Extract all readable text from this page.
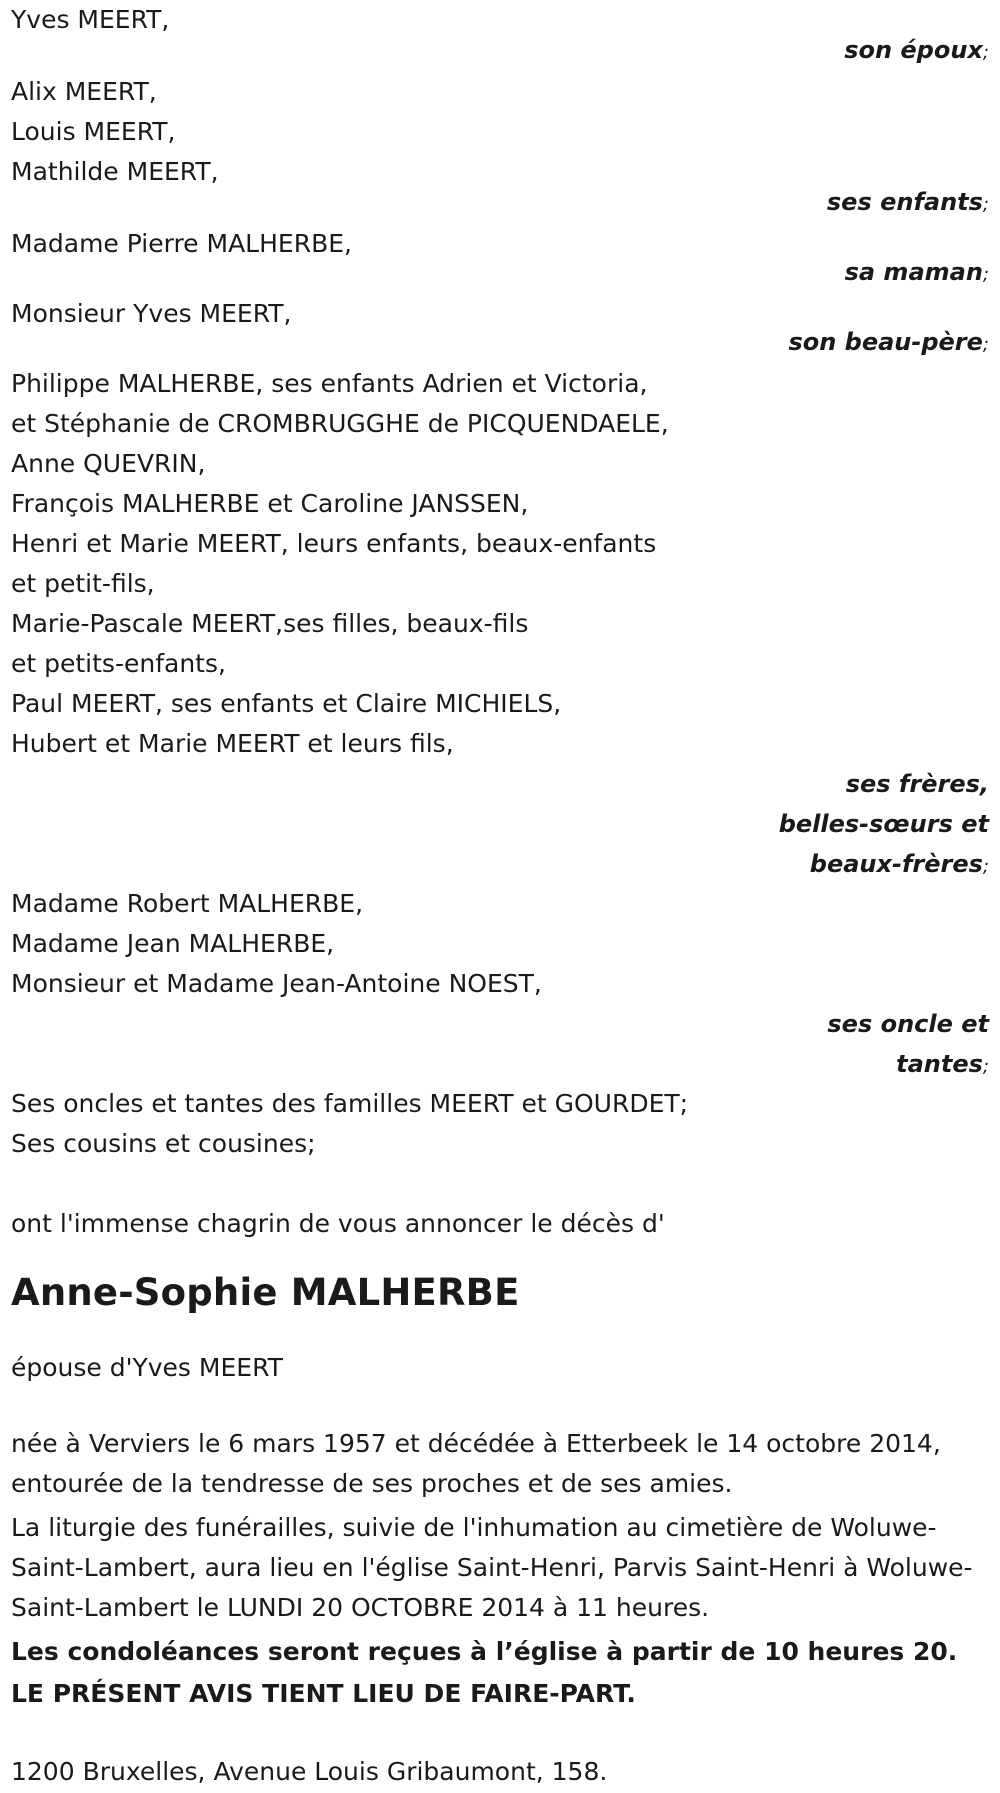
Yves MEERT,
son époux;
Alix MEERT,
Louis MEERT,
Mathilde MEERT,
ses enfants;
Madame Pierre MALHERBE,
sa maman;
Monsieur Yves MEERT,
son beau-père;
Philippe MALHERBE, ses enfants Adrien et Victoria,
et Stéphanie de CROMBRUGGHE de PICQUENDAELE,
Anne QUEVRIN,
François MALHERBE et Caroline JANSSEN,
Henri et Marie MEERT, leurs enfants, beaux-enfants
et petit-fils,
Marie-Pascale MEERT,ses filles, beaux-fils
et petits-enfants,
Paul MEERT, ses enfants et Claire MICHIELS,
Hubert et Marie MEERT et leurs fils,
ses frères,
belles-sœurs et
beaux-frères;
Madame Robert MALHERBE,
Madame Jean MALHERBE,
Monsieur et Madame Jean-Antoine NOEST,
ses oncle et
tantes;
Ses oncles et tantes des familles MEERT et GOURDET;
Ses cousins et cousines;
ont l'immense chagrin de vous annoncer le décès d'
Anne-Sophie MALHERBE
épouse d'Yves MEERT
née à Verviers le 6 mars 1957 et décédée à Etterbeek le 14 octobre 2014, entourée de la tendresse de ses proches et de ses amies.
La liturgie des funérailles, suivie de l'inhumation au cimetière de Woluwe-Saint-Lambert, aura lieu en l'église Saint-Henri, Parvis Saint-Henri à Woluwe-Saint-Lambert le LUNDI 20 OCTOBRE 2014 à 11 heures.
Les condoléances seront reçues à l’église à partir de 10 heures 20.
LE PRÉSENT AVIS TIENT LIEU DE FAIRE-PART.
1200 Bruxelles, Avenue Louis Gribaumont, 158.
